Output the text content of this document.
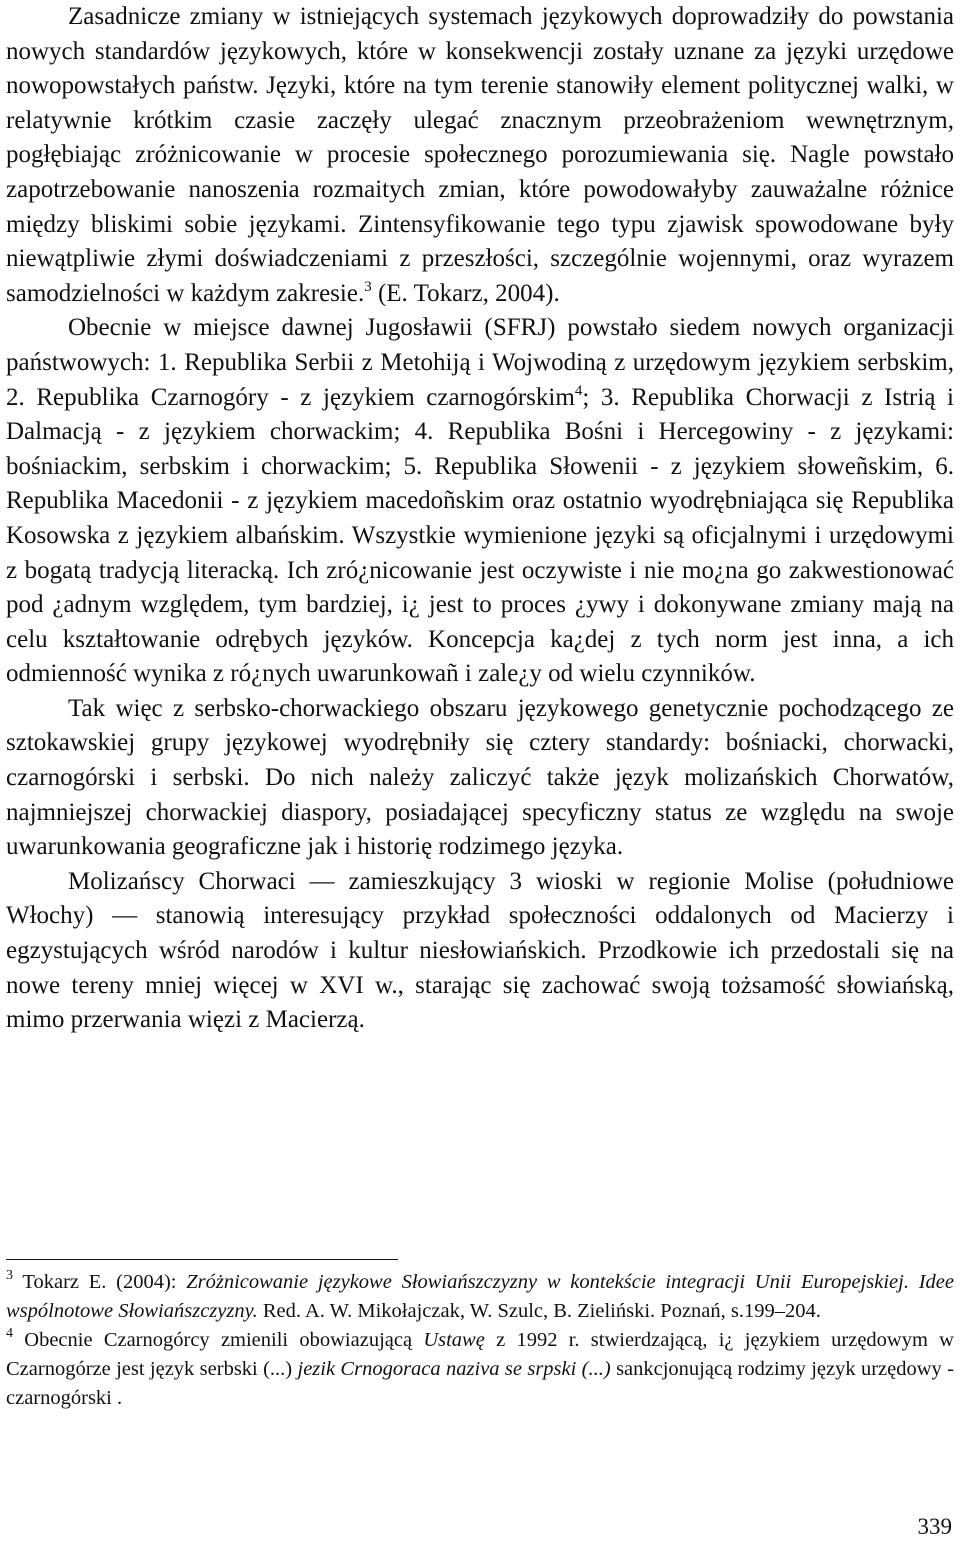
Zasadnicze zmiany w istniejących systemach językowych doprowadziły do powstania nowych standardów językowych, które w konsekwencji zostały uznane za języki urzędowe nowopowstałych państw. Języki, które na tym terenie stanowiły element politycznej walki, w relatywnie krótkim czasie zaczęły ulegać znacznym przeobrażeniom wewnętrznym, pogłębiając zróżnicowanie w procesie społecznego porozumiewania się. Nagle powstało zapotrzebowanie nanoszenia rozmaitych zmian, które powodowałyby zauważalne różnice między bliskimi sobie językami. Zintensyfikowanie tego typu zjawisk spowodowane były niewątpliwie złymi doświadczeniami z przeszłości, szczególnie wojennymi, oraz wyrazem samodzielności w każdym zakresie.$^3$ (E. Tokarz, 2004).

Obecnie w miejsce dawnej Jugosławii (SFRJ) powstało siedem nowych organizacji państwowych: 1. Republika Serbii z Metohiją i Wojwodiną z urzędowym językiem serbskim, 2. Republika Czarnogóry - z językiem czarnogórskim$^4$; 3. Republika Chorwacji z Istrią i Dalmacją - z językiem chorwackim; 4. Republika Bośni i Hercegowiny - z językami: bośniackim, serbskim i chorwackim; 5. Republika Słowenii - z językiem słoweñskim, 6. Republika Macedonii - z językiem macedoñskim oraz ostatnio wyodrębniająca się Republika Kosowska z językiem albańskim. Wszystkie wymienione języki są oficjalnymi i urzędowymi z bogatą tradycją literacką. Ich zró¿nicowanie jest oczywiste i nie mo¿na go zakwestionować pod ¿adnym względem, tym bardziej, i¿ jest to proces ¿ywy i dokonywane zmiany mają na celu kształtowanie odrębych języków. Koncepcja ka¿dej z tych norm jest inna, a ich odmienność wynika z ró¿nych uwarunkowañ i zale¿y od wielu czynników.

Tak więc z serbsko-chorwackiego obszaru językowego genetycznie pochodzącego ze sztokawskiej grupy językowej wyodrębniły się cztery standardy: bośniacki, chorwacki, czarnogórski i serbski. Do nich należy zaliczyć także język molizańskich Chorwatów, najmniejszej chorwackiej diaspory, posiadającej specyficzny status ze względu na swoje uwarunkowania geograficzne jak i historię rodzimego języka.

Molizańscy Chorwaci ― zamieszkujący 3 wioski w regionie Molise (południowe Włochy) ― stanowią interesujący przykład społeczności oddalonych od Macierzy i egzystujących wśród narodów i kultur niesłowiańskich. Przodkowie ich przedostali się na nowe tereny mniej więcej w XVI w., starając się zachować swoją tożsamość słowiańską, mimo przerwania więzi z Macierzą.

$^3$ Tokarz E. (2004): Zróżnicowanie językowe Słowiańszczyzny w kontekście integracji Unii Europejskiej. Idee wspólnotowe Słowiańszczyzny. Red. A. W. Mikołajczak, W. Szulc, B. Zieliński. Poznań, s.199–204.

$^4$ Obecnie Czarnogórcy zmienili obowiazującą Ustawę z 1992 r. stwierdzającą, i¿ językiem urzędowym w Czarnogórze jest język serbski (...) jezik Crnogoraca naziva se srpski (...) sankcjonującą rodzimy język urzędowy - czarnogórski .

339
